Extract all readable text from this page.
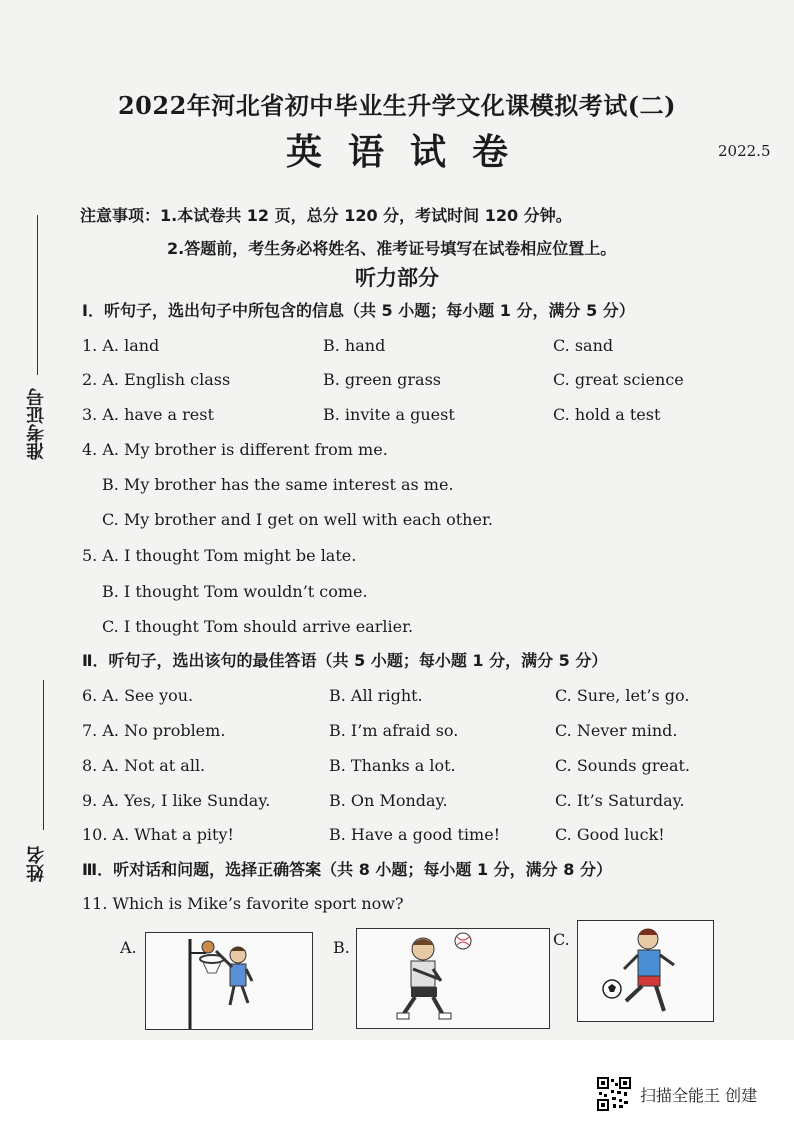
2022年河北省初中毕业生升学文化课模拟考试(二)
英语试卷	2022.5
注意事项：1.本试卷共 12 页，总分 120 分，考试时间 120 分钟。
2.答题前，考生务必将姓名、准考证号填写在试卷相应位置上。
听力部分
准考证号
姓名
Ⅰ．听句子，选出句子中所包含的信息（共 5 小题；每小题 1 分，满分 5 分）
1. A. land	B. hand	C. sand
2. A. English class	B. green grass	C. great science
3. A. have a rest	B. invite a guest	C. hold a test
4. A. My brother is different from me.
B. My brother has the same interest as me.
C. My brother and I get on well with each other.
5. A. I thought Tom might be late.
B. I thought Tom wouldn’t come.
C. I thought Tom should arrive earlier.
Ⅱ．听句子，选出该句的最佳答语（共 5 小题；每小题 1 分，满分 5 分）
6. A. See you.	B. All right.	C. Sure, let’s go.
7. A. No problem.	B. I’m afraid so.	C. Never mind.
8. A. Not at all.	B. Thanks a lot.	C. Sounds great.
9. A. Yes, I like Sunday.	B. On Monday.	C. It’s Saturday.
10. A. What a pity!	B. Have a good time!	C. Good luck!
Ⅲ．听对话和问题，选择正确答案（共 8 小题；每小题 1 分，满分 8 分）
11. Which is Mike’s favorite sport now?
A.	B.	C.
扫描全能王 创建
